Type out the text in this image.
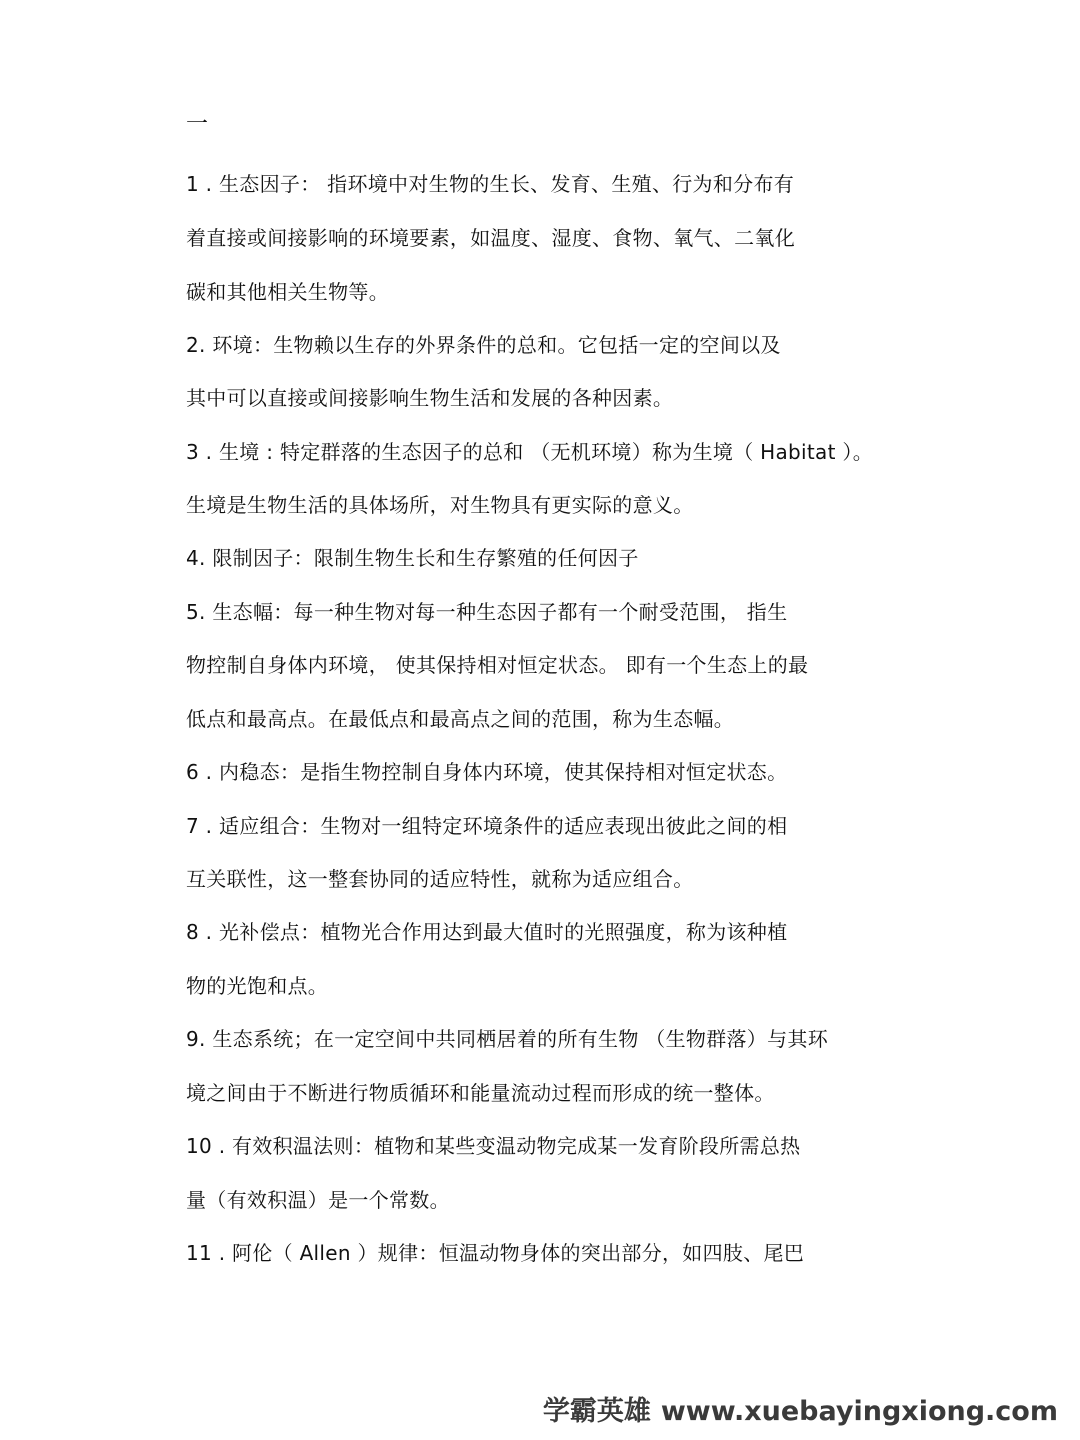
一
1 . 生态因子： 指环境中对生物的生长、发育、生殖、行为和分布有
着直接或间接影响的环境要素，如温度、湿度、食物、氧气、二氧化
碳和其他相关生物等。
2. 环境：生物赖以生存的外界条件的总和。它包括一定的空间以及
其中可以直接或间接影响生物生活和发展的各种因素。
3 . 生境 : 特定群落的生态因子的总和 （无机环境）称为生境（ Habitat ）。
生境是生物生活的具体场所，对生物具有更实际的意义。
4. 限制因子：限制生物生长和生存繁殖的任何因子
5. 生态幅：每一种生物对每一种生态因子都有一个耐受范围， 指生
物控制自身体内环境， 使其保持相对恒定状态。 即有一个生态上的最
低点和最高点。在最低点和最高点之间的范围，称为生态幅。
6 . 内稳态：是指生物控制自身体内环境，使其保持相对恒定状态。
7 . 适应组合：生物对一组特定环境条件的适应表现出彼此之间的相
互关联性，这一整套协同的适应特性，就称为适应组合。
8 . 光补偿点：植物光合作用达到最大值时的光照强度，称为该种植
物的光饱和点。
9. 生态系统；在一定空间中共同栖居着的所有生物 （生物群落）与其环
境之间由于不断进行物质循环和能量流动过程而形成的统一整体。
10 . 有效积温法则：植物和某些变温动物完成某一发育阶段所需总热
量（有效积温）是一个常数。
11 . 阿伦（ Allen ）规律：恒温动物身体的突出部分，如四肢、尾巴
学霸英雄 www.xuebayingxiong.com
